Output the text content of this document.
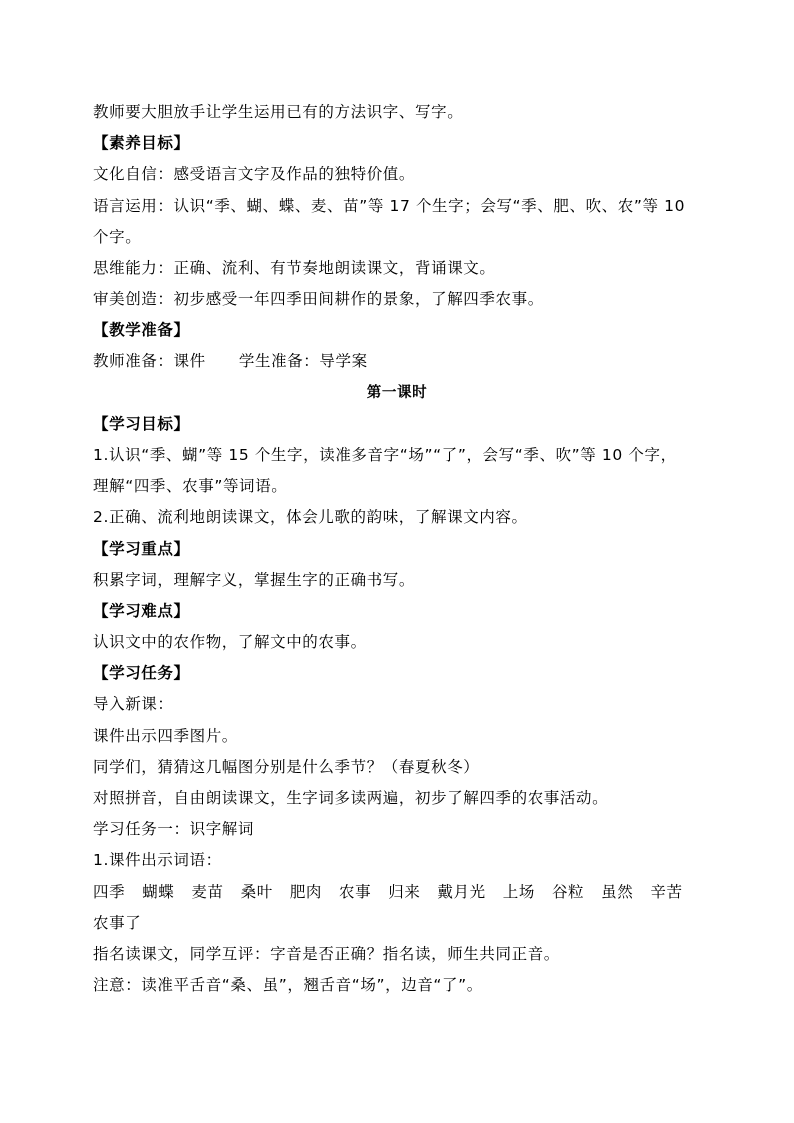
教师要大胆放手让学生运用已有的方法识字、写字。
【素养目标】
文化自信：感受语言文字及作品的独特价值。
语言运用：认识“季、蝴、蝶、麦、苗”等 17 个生字；会写“季、肥、吹、农”等 10
个字。
思维能力：正确、流利、有节奏地朗读课文，背诵课文。
审美创造：初步感受一年四季田间耕作的景象，了解四季农事。
【教学准备】
教师准备：课件      学生准备：导学案
第一课时
【学习目标】
1.认识“季、蝴”等 15 个生字，读准多音字“场”“了”，会写“季、吹”等 10 个字，
理解“四季、农事”等词语。
2.正确、流利地朗读课文，体会儿歌的韵味，了解课文内容。
【学习重点】
积累字词，理解字义，掌握生字的正确书写。
【学习难点】
认识文中的农作物，了解文中的农事。
【学习任务】
导入新课：
课件出示四季图片。
同学们，猜猜这几幅图分别是什么季节？（春夏秋冬）
对照拼音，自由朗读课文，生字词多读两遍，初步了解四季的农事活动。
学习任务一：识字解词
1.课件出示词语：
四季 蝴蝶 麦苗 桑叶 肥肉 农事 归来 戴月光 上场 谷粒 虽然 辛苦
农事了
指名读课文，同学互评：字音是否正确？指名读，师生共同正音。
注意：读准平舌音“桑、虽”，翘舌音“场”，边音“了”。
